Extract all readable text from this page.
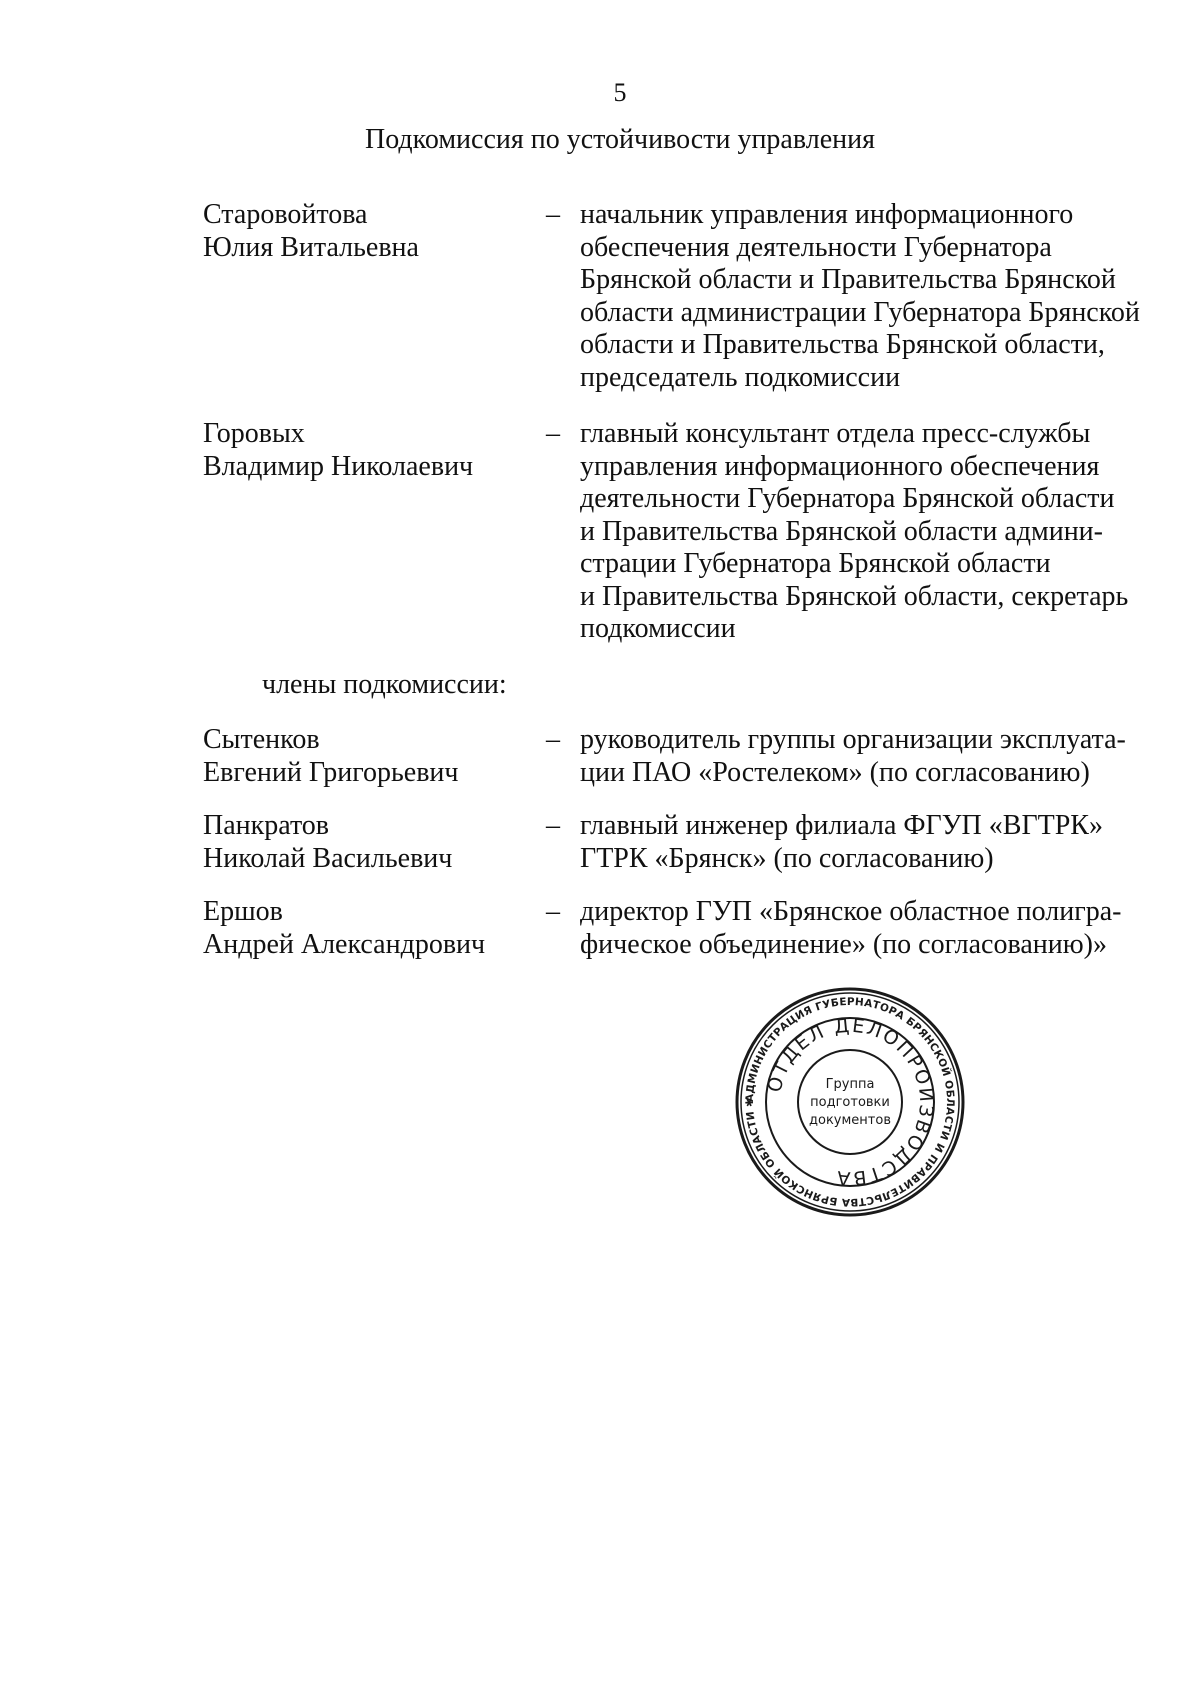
5
Подкомиссия по устойчивости управления
Старовойтова
Юлия Витальевна
– начальник управления информационного
обеспечения деятельности Губернатора
Брянской области и Правительства Брянской
области администрации Губернатора Брянской
области и Правительства Брянской области,
председатель подкомиссии
Горовых
Владимир Николаевич
– главный консультант отдела пресс-службы
управления информационного обеспечения
деятельности Губернатора Брянской области
и Правительства Брянской области админи-
страции Губернатора Брянской области
и Правительства Брянской области, секретарь
подкомиссии
члены подкомиссии:
Сытенков
Евгений Григорьевич
– руководитель группы организации эксплуата-
ции ПАО «Ростелеком» (по согласованию)
Панкратов
Николай Васильевич
– главный инженер филиала ФГУП «ВГТРК»
ГТРК «Брянск» (по согласованию)
Ершов
Андрей Александрович
– директор ГУП «Брянское областное полигра-
фическое объединение» (по согласованию)»
АДМИНИСТРАЦИЯ ГУБЕРНАТОРА БРЯНСКОЙ ОБЛАСТИ И ПРАВИТЕЛЬСТВА БРЯНСКОЙ ОБЛАСТИ ✱
ОТДЕЛ ДЕЛОПРОИЗВОДСТВА
Группа
подготовки
документов
